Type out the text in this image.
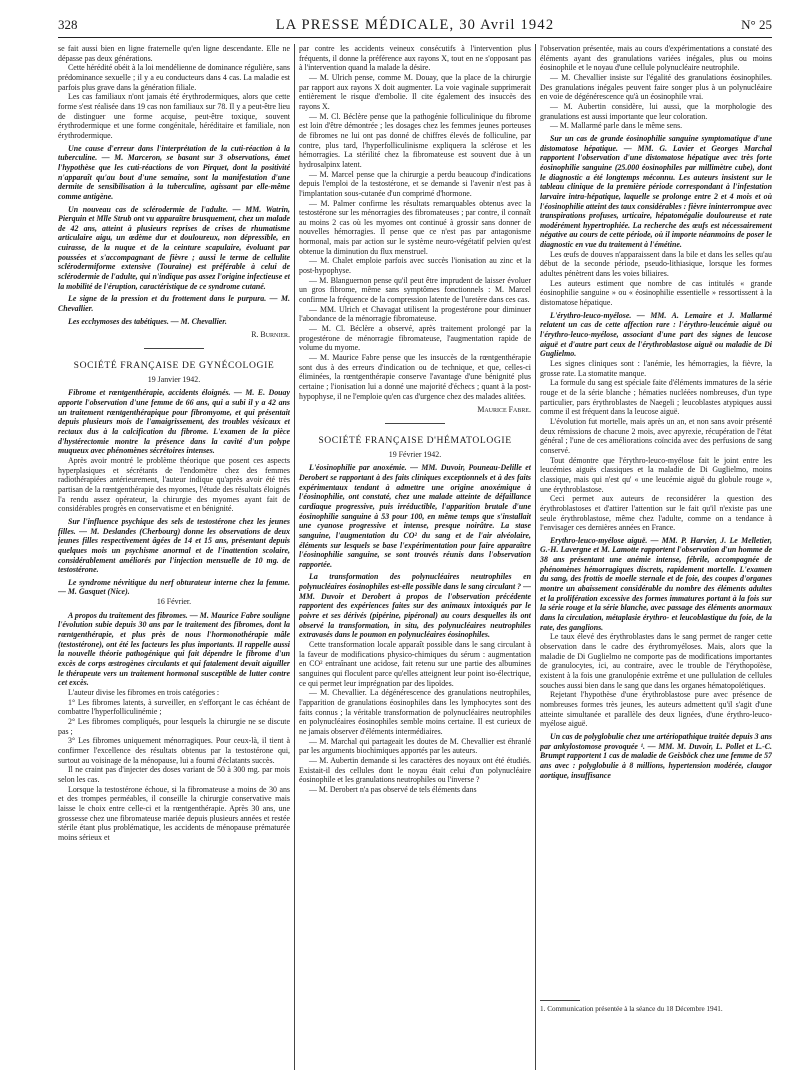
328	LA PRESSE MÉDICALE, 30 Avril 1942	N° 25

se fait aussi bien en ligne fraternelle qu'en ligne descendante. Elle ne dépasse pas deux générations.

Cette hérédité obéit à la loi mendélienne de dominance régulière, sans prédominance sexuelle ; il y a eu conducteurs dans 4 cas. La maladie est parfois plus grave dans la génération filiale.

Les cas familiaux n'ont jamais été érythrodermiques, alors que cette forme s'est réalisée dans 19 cas non familiaux sur 78. Il y a peut-être lieu de distinguer une forme acquise, peut-être toxique, souvent érythrodermique et une forme congénitale, héréditaire et familiale, non érythrodermique.

Une cause d'erreur dans l'interprétation de la cuti-réaction à la tuberculine. — M. Marceron, se basant sur 3 observations, émet l'hypothèse que les cuti-réactions de von Pirquet, dont la positivité n'apparaît qu'au bout d'une semaine, sont la manifestation d'une dermite de sensibilisation à la tuberculine, agissant par elle-même comme antigène.
Un nouveau cas de sclérodermie de l'adulte. — MM. Watrin, Pierquin et Mlle Strub ont vu apparaître brusquement, chez un malade de 42 ans, atteint à plusieurs reprises de crises de rhumatisme articulaire aigu, un œdème dur et douloureux, non dépressible, en cuirasse, de la nuque et de la ceinture scapulaire, évoluant par poussées et s'accompagnant de fièvre ; aussi le terme de cellulite sclérodermiforme extensive (Touraine) est préférable à celui de sclérodermie de l'adulte, qui n'indique pas assez l'origine infectieuse et la mobilité de l'éruption, caractéristique de ce syndrome cutané.
Le signe de la pression et du frottement dans le purpura. — M. Chevallier.
Les ecchymoses des tabétiques. — M. Chevallier.
R. Burnier.
SOCIÉTÉ FRANÇAISE DE GYNÉCOLOGIE
19 Janvier 1942.
Fibrome et rœntgenthérapie, accidents éloignés. — M. E. Douay apporte l'observation d'une femme de 66 ans, qui a subi il y a 42 ans un traitement rœntgenthérapique pour fibromyome, et qui présentait depuis plusieurs mois de l'amaigrissement, des troubles vésicaux et rectaux dus à la calcification du fibrome. L'examen de la pièce d'hystérectomie montre la présence dans la cavité d'un polype muqueux avec phénomènes sécrétoires intenses.

Après avoir montré le problème théorique que posent ces aspects hyperplasiques et sécrétants de l'endomètre chez des femmes radiothérapiées antérieurement, l'auteur indique qu'après avoir été très partisan de la rœntgenthérapie des myomes, l'étude des résultats éloignés l'a rendu assez opérateur, la chirurgie des myomes ayant fait de considérables progrès en conservatisme et en bénignité.

Sur l'influence psychique des sels de testostérone chez les jeunes filles. — M. Deslandes (Cherbourg) donne les observations de deux jeunes filles respectivement âgées de 14 et 15 ans, présentant depuis quelques mois un psychisme anormal et de l'inattention scolaire, considérablement améliorés par l'injection mensuelle de 10 mg. de testostérone.
Le syndrome névritique du nerf obturateur interne chez la femme. — M. Gasquet (Nice).
16 Février.
A propos du traitement des fibromes. — M. Maurice Fabre souligne l'évolution subie depuis 30 ans par le traitement des fibromes, dont la rœntgenthérapie, et plus près de nous l'hormonothérapie mâle (testostérone), ont été les facteurs les plus importants. Il rappelle aussi la nouvelle théorie pathogénique qui fait dépendre le fibrome d'un excès de corps œstrogènes circulants et qui fatalement devait aiguiller le thérapeute vers un traitement hormonal susceptible de lutter contre cet excès.

L'auteur divise les fibromes en trois catégories :

1° Les fibromes latents, à surveiller, en s'efforçant le cas échéant de combattre l'hyperfolliculinémie ;

2° Les fibromes compliqués, pour lesquels la chirurgie ne se discute pas ;

3° Les fibromes uniquement ménorragiques. Pour ceux-là, il tient à confirmer l'excellence des résultats obtenus par la testostérone qui, surtout au voisinage de la ménopause, lui a fourni d'éclatants succès.

Il ne craint pas d'injecter des doses variant de 50 à 300 mg. par mois selon les cas.

Lorsque la testostérone échoue, si la fibromateuse a moins de 30 ans et des trompes perméables, il conseille la chirurgie conservative mais laisse le choix entre celle-ci et la rœntgenthérapie. Après 30 ans, une grossesse chez une fibromateuse mariée depuis plusieurs années et restée stérile étant plus problématique, les accidents de ménopause prématurée moins sérieux et

par contre les accidents veineux consécutifs à l'intervention plus fréquents, il donne la préférence aux rayons X, tout en ne s'opposant pas à l'intervention quand la malade la désire.

— M. Ulrich pense, comme M. Douay, que la place de la chirurgie par rapport aux rayons X doit augmenter. La voie vaginale supprimerait entièrement le risque d'embolie. Il cite également des insuccès des rayons X.

— M. Cl. Béclère pense que la pathogénie folliculinique du fibrome est loin d'être démontrée ; les dosages chez les femmes jeunes porteuses de fibromes ne lui ont pas donné de chiffres élevés de folliculine, par contre, plus tard, l'hyperfolliculinisme expliquera la sclérose et les hémorragies. La stérilité chez la fibromateuse est souvent due à un hydrosalpinx latent.

— M. Marcel pense que la chirurgie a perdu beaucoup d'indications depuis l'emploi de la testostérone, et se demande si l'avenir n'est pas à l'implantation sous-cutanée d'un comprimé d'hormone.

— M. Palmer confirme les résultats remarquables obtenus avec la testostérone sur les ménorragies des fibromateuses ; par contre, il connaît au moins 2 cas où les myomes ont continué à grossir sans donner de nouvelles hémorragies. Il pense que ce n'est pas par antagonisme hormonal, mais par action sur le système neuro-végétatif pelvien qu'est obtenue la diminution du flux menstruel.

— M. Chalet emploie parfois avec succès l'ionisation au zinc et la post-hypophyse.

— M. Blanguernon pense qu'il peut être imprudent de laisser évoluer un gros fibrome, même sans symptômes fonctionnels : M. Marcel confirme la fréquence de la compression latente de l'uretère dans ces cas.

— MM. Ulrich et Chavagat utilisent la progestérone pour diminuer l'abondance de la ménorragie fibromateuse.

— M. Cl. Béclère a observé, après traitement prolongé par la progestérone de ménorragie fibromateuse, l'augmentation rapide de volume du myome.

— M. Maurice Fabre pense que les insuccès de la rœntgenthérapie sont dus à des erreurs d'indication ou de technique, et que, celles-ci éliminées, la rœntgenthérapie conserve l'avantage d'une bénignité plus certaine ; l'ionisation lui a donné une majorité d'échecs ; quant à la post-hypophyse, il ne l'emploie qu'en cas d'urgence chez des malades alitées.

Maurice Fabre.
SOCIÉTÉ FRANÇAISE D'HÉMATOLOGIE
19 Février 1942.
L'éosinophilie par anoxémie. — MM. Duvoir, Pouneau-Delille et Derobert se rapportant à des faits cliniques exceptionnels et à des faits expérimentaux tendant à admettre une origine anoxémique à l'éosinophilie, ont constaté, chez une malade atteinte de défaillance cardiaque progressive, puis irréductible, l'apparition brutale d'une éosinophilie sanguine à 53 pour 100, en même temps que s'installait une cyanose progressive et intense, presque noirâtre. La stase sanguine, l'augmentation du CO² du sang et de l'air alvéolaire, éléments sur lesquels se base l'expérimentation pour faire apparaître l'éosinophilie sanguine, se sont trouvés réunis dans l'observation rapportée.
La transformation des polynucléaires neutrophiles en polynucléaires éosinophiles est-elle possible dans le sang circulant ? — MM. Duvoir et Derobert à propos de l'observation précédente rapportent des expériences faites sur des animaux intoxiqués par le poivre et ses dérivés (pipérine, pipéronal) au cours desquelles ils ont observé la transformation, in situ, des polynucléaires neutrophiles extravasés dans le poumon en polynucléaires éosinophiles.

Cette transformation locale apparaît possible dans le sang circulant à la faveur de modifications physico-chimiques du sérum : augmentation en CO² entraînant une acidose, fait retenu sur une partie des albumines sanguines qui floculent parce qu'elles atteignent leur point iso-électrique, ce qui permet leur imprégnation par des lipoïdes.

— M. Chevallier. La dégénérescence des granulations neutrophiles, l'apparition de granulations éosinophiles dans les lymphocytes sont des faits connus ; la véritable transformation de polynucléaires neutrophiles en polynucléaires éosinophiles semble moins certaine. Il est curieux de ne jamais observer d'éléments intermédiaires.

— M. Marchal qui partageait les doutes de M. Chevallier est éhranlé par les arguments biochimiques apportés par les auteurs.

— M. Aubertin demande si les caractères des noyaux ont été étudiés. Existait-il des cellules dont le noyau était celui d'un polynucléaire éosinophile et les granulations neutrophiles ou l'inverse ?

— M. Derobert n'a pas observé de tels éléments dans

l'observation présentée, mais au cours d'expérimentations a constaté des éléments ayant des granulations variées inégales, plus ou moins éosinophile et le noyau d'une cellule polynucléaire neutrophile.

— M. Chevallier insiste sur l'égalité des granulations éosinophiles. Des granulations inégales peuvent faire songer plus à un polynucléaire en voie de dégénérescence qu'à un éosinophile vrai.

— M. Aubertin considère, lui aussi, que la morphologie des granulations est aussi importante que leur coloration.

— M. Mallarmé parle dans le même sens.

Sur un cas de grande éosinophilie sanguine symptomatique d'une distomatose hépatique. — MM. G. Lavier et Georges Marchal rapportent l'observation d'une distomatose hépatique avec très forte éosinophilie sanguine (25.000 éosinophiles par millimètre cube), dont le diagnostic a été longtemps méconnu. Les auteurs insistent sur le tableau clinique de la première période correspondant à l'infestation larvaire intra-hépatique, laquelle se prolonge entre 2 et 4 mois et où l'éosinophilie atteint des taux considérables : fièvre ininterrompue avec transpirations profuses, urticaire, hépatomégalie douloureuse et rate modérément hypertrophiée. La recherche des œufs est nécessairement négative au cours de cette période, où il importe néanmoins de poser le diagnostic en vue du traitement à l'émétine.

Les œufs de douves n'apparaissent dans la bile et dans les selles qu'au début de la seconde période, pseudo-lithiasique, lorsque les formes adultes pénètrent dans les voies biliaires.

Les auteurs estiment que nombre de cas intitulés « grande éosinophilie sanguine » ou « éosinophilie essentielle » ressortissent à la distomatose hépatique.

L'érythro-leuco-myélose. — MM. A. Lemaire et J. Mallarmé relatent un cas de cette affection rare : l'érythro-leucémie aiguë ou l'érythro-leuco-myélose, associant d'une part des signes de leucose aiguë et d'autre part ceux de l'érythroblastose aiguë ou maladie de Di Guglielmo.

Les signes cliniques sont : l'anémie, les hémorragies, la fièvre, la grosse rate. La stomatite manque.

La formule du sang est spéciale faite d'éléments immatures de la série rouge et de la série blanche ; hématies nucléées nombreuses, d'un type particulier, pars érythroblastes de Naegeli ; leucoblastes atypiques aussi comme il est fréquent dans la leucose aiguë.

L'évolution fut mortelle, mais après un an, et non sans avoir présenté deux rémissions de chacune 2 mois, avec apyrexie, récupération de l'état général ; l'une de ces améliorations coïncida avec des perfusions de sang conservé.

Tout démontre que l'érythro-leuco-myélose fait le joint entre les leucémies aiguës classiques et la maladie de Di Guglielmo, moins classique, mais qui n'est qu' « une leucémie aiguë du globule rouge », une érythroblastose.

Ceci permet aux auteurs de reconsidérer la question des érythroblastoses et d'attirer l'attention sur le fait qu'il n'existe pas une seule érythroblastose, même chez l'adulte, comme on a tendance à l'envisager ces dernières années en France.

Erythro-leuco-myélose aiguë. — MM. P. Harvier, J. Le Melletier, G.-H. Lavergne et M. Lamotte rapportent l'observation d'un homme de 38 ans présentant une anémie intense, fébrile, accompagnée de phénomènes hémorragiques discrets, rapidement mortelle. L'examen du sang, des frottis de moelle sternale et de foie, des coupes d'organes montre un abaissement considérable du nombre des éléments adultes et la prolifération excessive des formes immatures portant à la fois sur la série rouge et la série blanche, avec passage des éléments anormaux dans la circulation, métaplasie érythro- et leucoblastique du foie, de la rate, des ganglions.

Le taux élevé des érythroblastes dans le sang permet de ranger cette observation dans le cadre des érythromyéloses. Mais, alors que la maladie de Di Guglielmo ne comporte pas de modifications importantes de granulocytes, ici, au contraire, avec le trouble de l'érythopoïèse, existent à la fois une granulopénie extrême et une pullulation de cellules souches aussi bien dans le sang que dans les organes hématopoïétiques.

Rejetant l'hypothèse d'une érythroblastose pure avec présence de nombreuses formes très jeunes, les auteurs admettent qu'il s'agit d'une atteinte simultanée et parallèle des deux lignées, d'une érythro-leuco-myélose aiguë.

Un cas de polyglobulie chez une artériopathique traitée depuis 3 ans par ankylostomose provoquée ¹. — MM. M. Duvoir, L. Pollet et L.-C. Brumpt rapportent 1 cas de maladie de Geisböck chez une femme de 57 ans avec : polyglobulie à 8 millions, hypertension modérée, claugor aortique, insuffisance
1. Communication présentée à la séance du 18 Décembre 1941.
